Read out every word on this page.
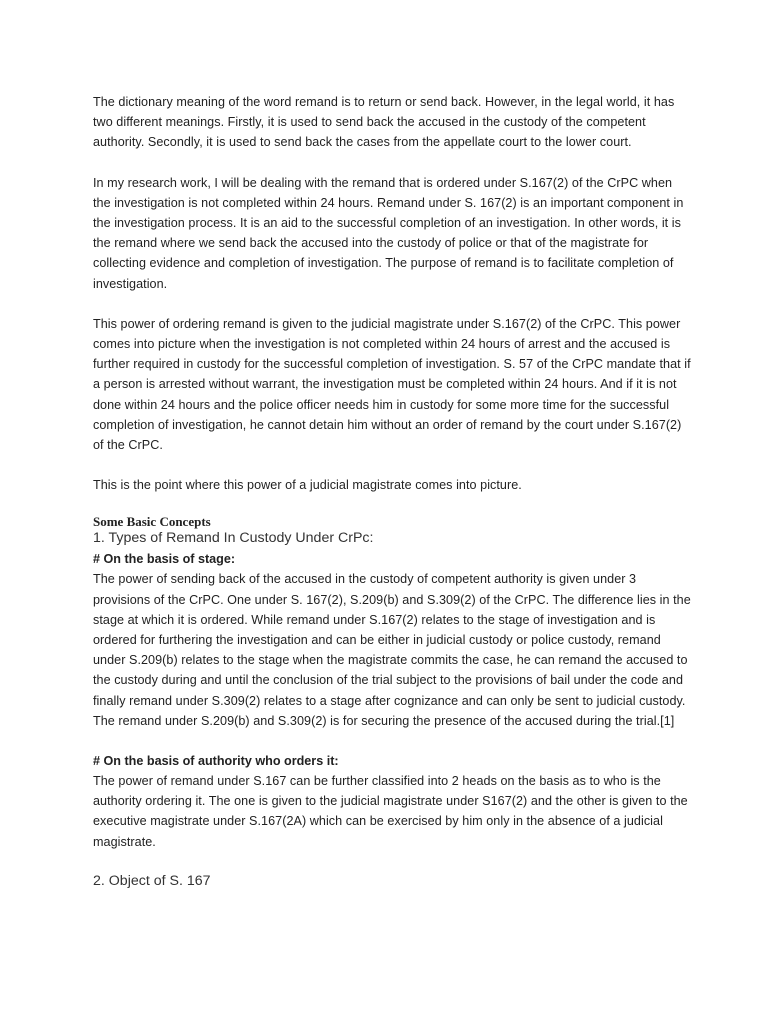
The dictionary meaning of the word remand is to return or send back. However, in the legal world, it has two different meanings. Firstly, it is used to send back the accused in the custody of the competent authority. Secondly, it is used to send back the cases from the appellate court to the lower court.

In my research work, I will be dealing with the remand that is ordered under S.167(2) of the CrPC when the investigation is not completed within 24 hours. Remand under S. 167(2) is an important component in the investigation process. It is an aid to the successful completion of an investigation. In other words, it is the remand where we send back the accused into the custody of police or that of the magistrate for collecting evidence and completion of investigation. The purpose of remand is to facilitate completion of investigation.

This power of ordering remand is given to the judicial magistrate under S.167(2) of the CrPC. This power comes into picture when the investigation is not completed within 24 hours of arrest and the accused is further required in custody for the successful completion of investigation. S. 57 of the CrPC mandate that if a person is arrested without warrant, the investigation must be completed within 24 hours. And if it is not done within 24 hours and the police officer needs him in custody for some more time for the successful completion of investigation, he cannot detain him without an order of remand by the court under S.167(2) of the CrPC.

This is the point where this power of a judicial magistrate comes into picture.

Some Basic Concepts

1. Types of Remand In Custody Under CrPc:

# On the basis of stage:

The power of sending back of the accused in the custody of competent authority is given under 3 provisions of the CrPC. One under S. 167(2), S.209(b) and S.309(2) of the CrPC. The difference lies in the stage at which it is ordered. While remand under S.167(2) relates to the stage of investigation and is ordered for furthering the investigation and can be either in judicial custody or police custody, remand under S.209(b) relates to the stage when the magistrate commits the case, he can remand the accused to the custody during and until the conclusion of the trial subject to the provisions of bail under the code and finally remand under S.309(2) relates to a stage after cognizance and can only be sent to judicial custody. The remand under S.209(b) and S.309(2) is for securing the presence of the accused during the trial.[1]

# On the basis of authority who orders it:

The power of remand under S.167 can be further classified into 2 heads on the basis as to who is the authority ordering it. The one is given to the judicial magistrate under S167(2) and the other is given to the executive magistrate under S.167(2A) which can be exercised by him only in the absence of a judicial magistrate.

2. Object of S. 167
